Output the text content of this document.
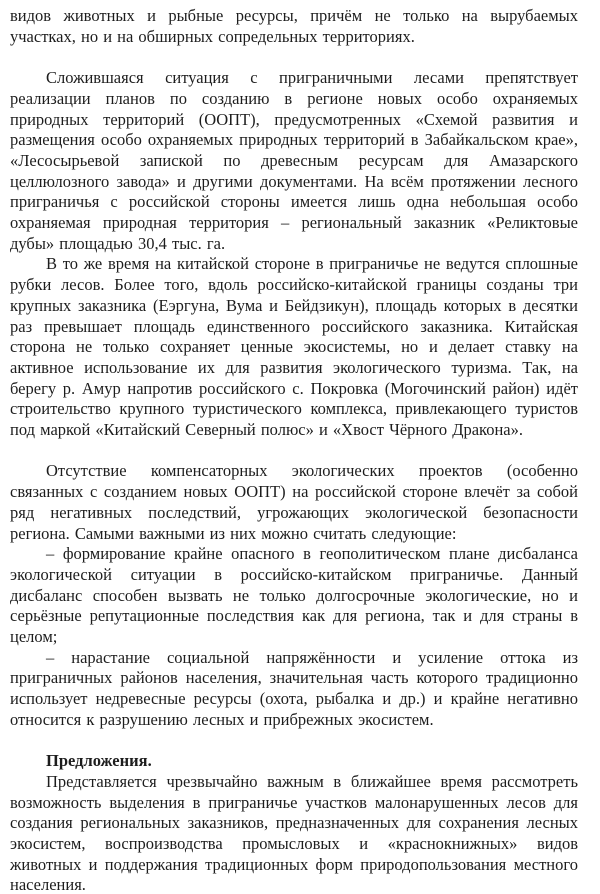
видов животных и рыбные ресурсы, причём не только на вырубаемых участках, но и на обширных сопредельных территориях.

Сложившаяся ситуация с приграничными лесами препятствует реализации планов по созданию в регионе новых особо охраняемых природных территорий (ООПТ), предусмотренных «Схемой развития и размещения особо охраняемых природных территорий в Забайкальском крае», «Лесосырьевой запиской по древесным ресурсам для Амазарского целлюлозного завода» и другими документами. На всём протяжении лесного приграничья с российской стороны имеется лишь одна небольшая особо охраняемая природная территория – региональный заказник «Реликтовые дубы» площадью 30,4 тыс. га.

В то же время на китайской стороне в приграничье не ведутся сплошные рубки лесов. Более того, вдоль российско-китайской границы созданы три крупных заказника (Еэргуна, Вума и Бейдзикун), площадь которых в десятки раз превышает площадь единственного российского заказника. Китайская сторона не только сохраняет ценные экосистемы, но и делает ставку на активное использование их для развития экологического туризма. Так, на берегу р. Амур напротив российского с. Покровка (Могочинский район) идёт строительство крупного туристического комплекса, привлекающего туристов под маркой «Китайский Северный полюс» и «Хвост Чёрного Дракона».

Отсутствие компенсаторных экологических проектов (особенно связанных с созданием новых ООПТ) на российской стороне влечёт за собой ряд негативных последствий, угрожающих экологической безопасности региона. Самыми важными из них можно считать следующие:

– формирование крайне опасного в геополитическом плане дисбаланса экологической ситуации в российско-китайском приграничье. Данный дисбаланс способен вызвать не только долгосрочные экологические, но и серьёзные репутационные последствия как для региона, так и для страны в целом;

– нарастание социальной напряжённости и усиление оттока из приграничных районов населения, значительная часть которого традиционно использует недревесные ресурсы (охота, рыбалка и др.) и крайне негативно относится к разрушению лесных и прибрежных экосистем.

Предложения.

Представляется чрезвычайно важным в ближайшее время рассмотреть возможность выделения в приграничье участков малонарушенных лесов для создания региональных заказников, предназначенных для сохранения лесных экосистем, воспроизводства промысловых и «краснокнижных» видов животных и поддержания традиционных форм природопользования местного населения.
